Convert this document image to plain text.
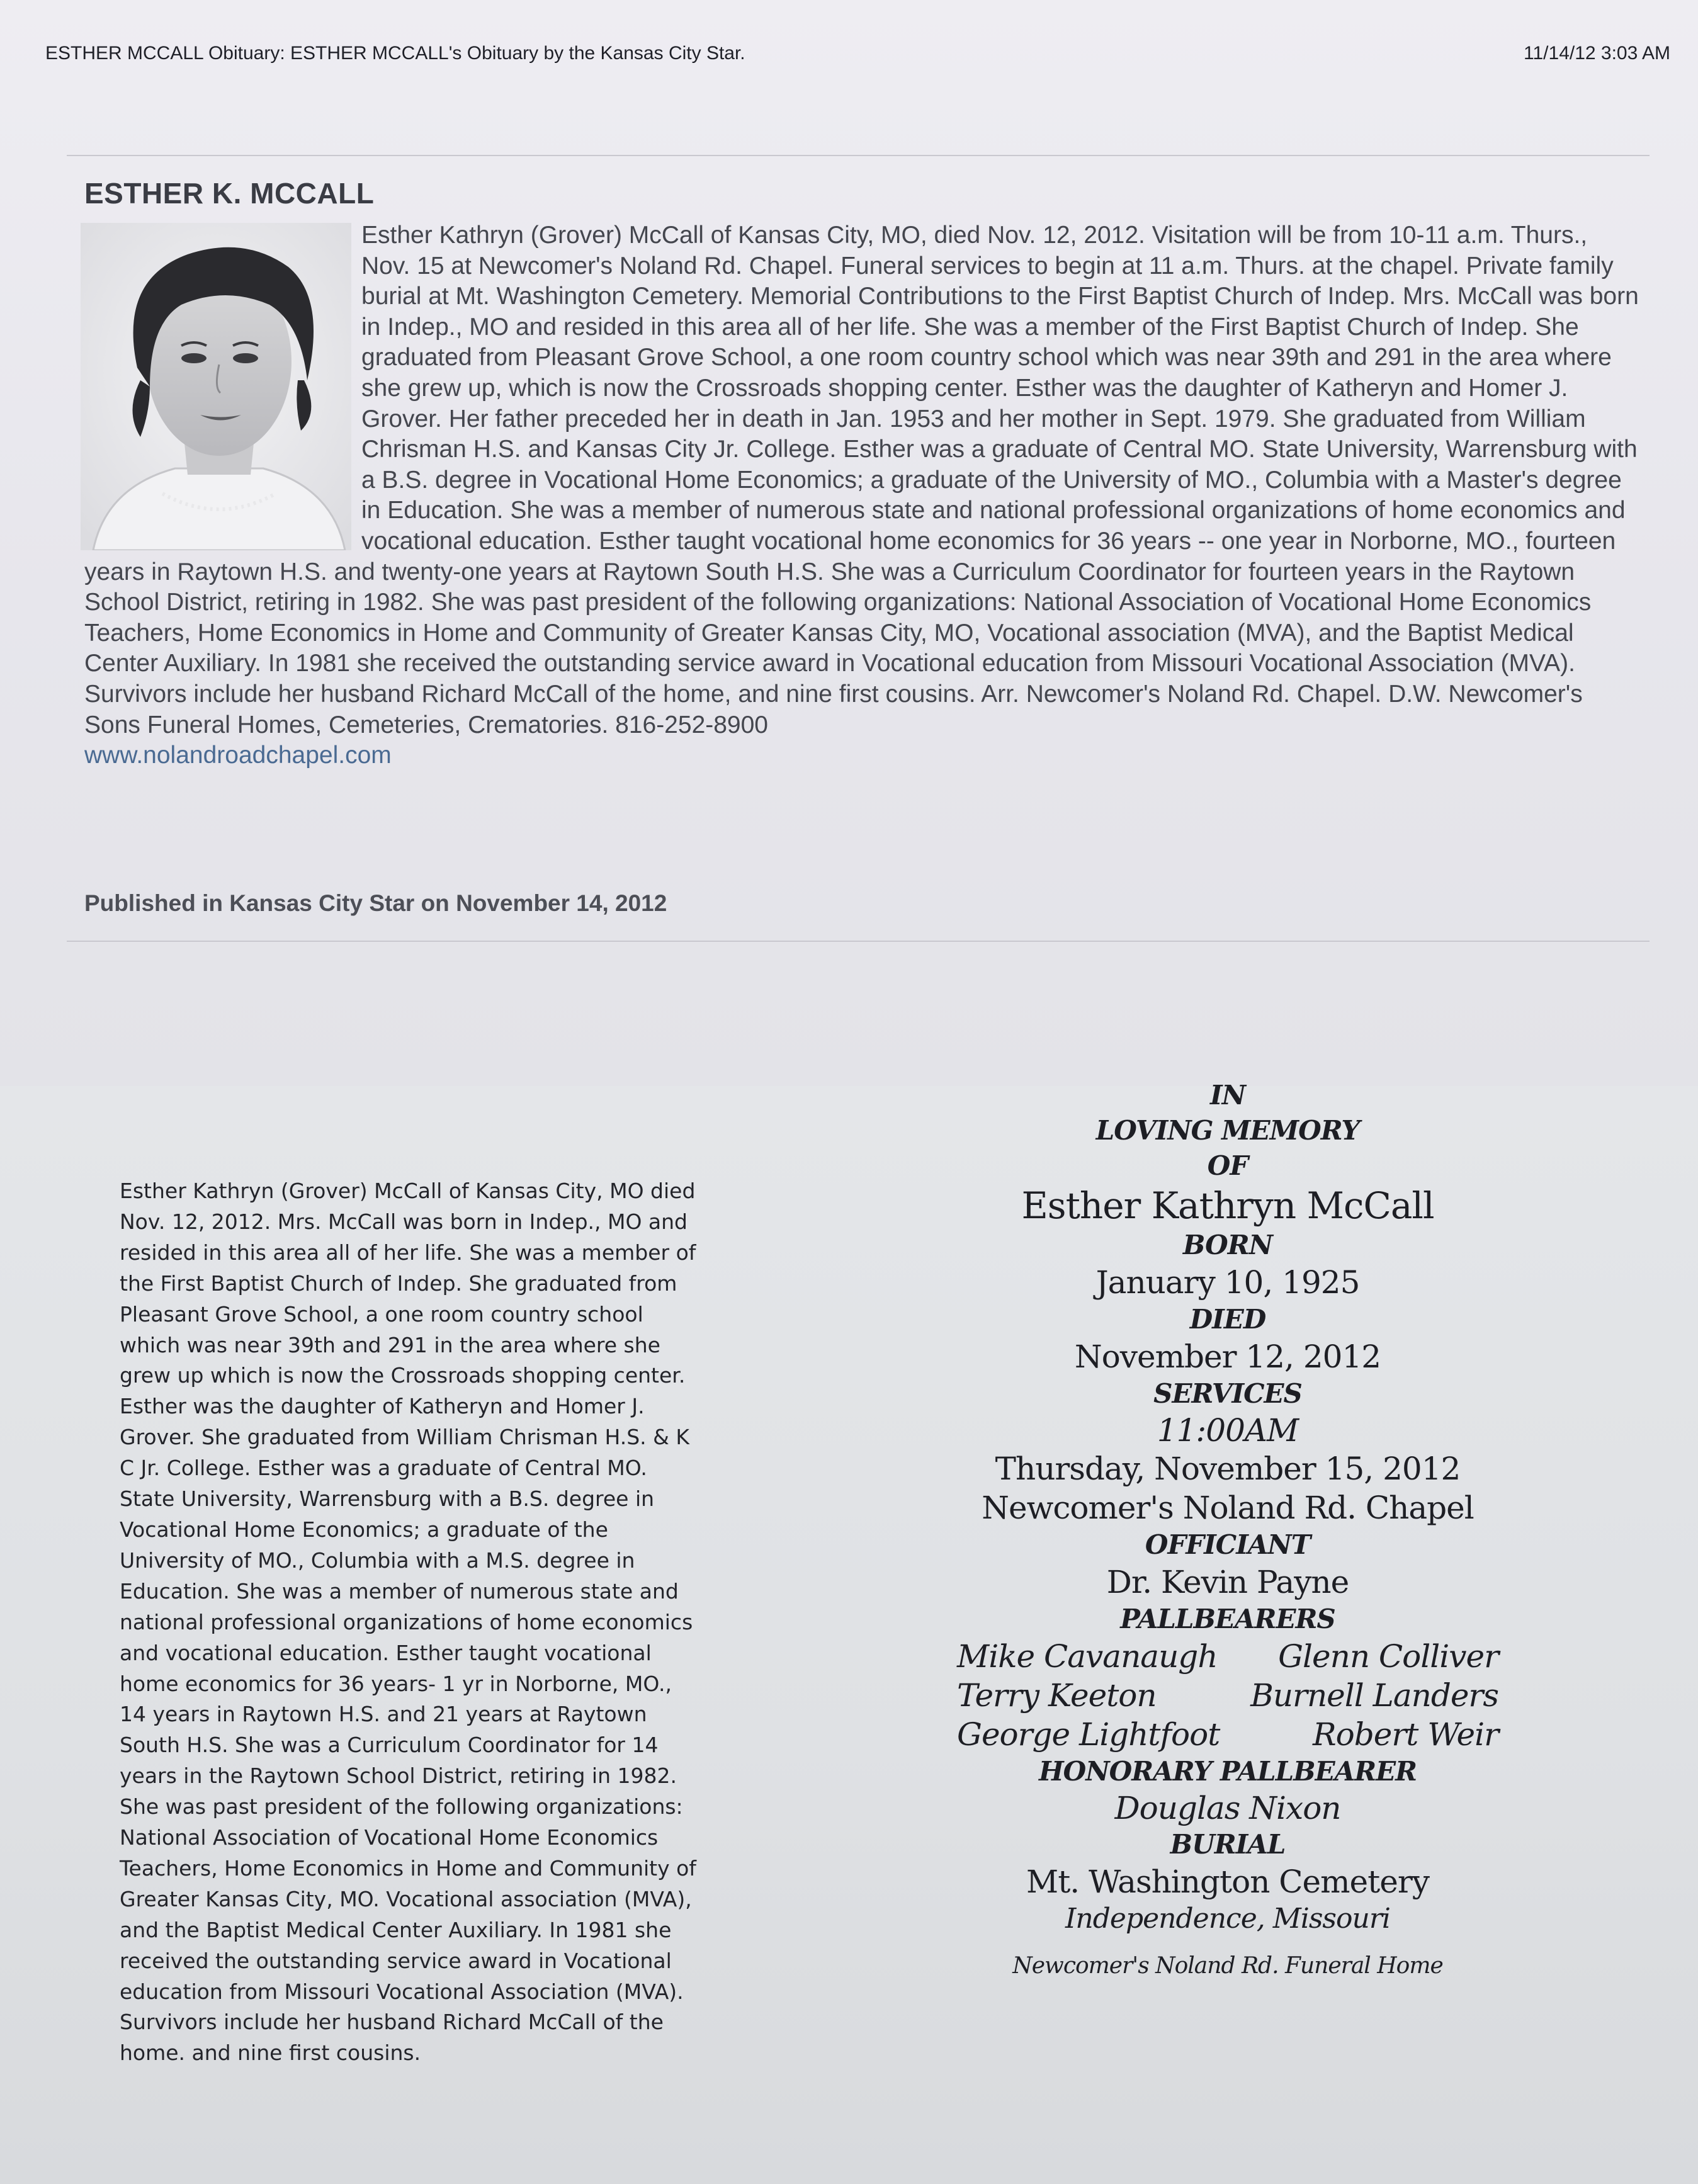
ESTHER MCCALL Obituary: ESTHER MCCALL's Obituary by the Kansas City Star.	11/14/12 3:03 AM
ESTHER K. MCCALL
Esther Kathryn (Grover) McCall of Kansas City, MO, died Nov. 12, 2012. Visitation will be from 10-11 a.m. Thurs., Nov. 15 at Newcomer's Noland Rd. Chapel. Funeral services to begin at 11 a.m. Thurs. at the chapel. Private family burial at Mt. Washington Cemetery. Memorial Contributions to the First Baptist Church of Indep. Mrs. McCall was born in Indep., MO and resided in this area all of her life. She was a member of the First Baptist Church of Indep. She graduated from Pleasant Grove School, a one room country school which was near 39th and 291 in the area where she grew up, which is now the Crossroads shopping center. Esther was the daughter of Katheryn and Homer J. Grover. Her father preceded her in death in Jan. 1953 and her mother in Sept. 1979. She graduated from William Chrisman H.S. and Kansas City Jr. College. Esther was a graduate of Central MO. State University, Warrensburg with a B.S. degree in Vocational Home Economics; a graduate of the University of MO., Columbia with a Master's degree in Education. She was a member of numerous state and national professional organizations of home economics and vocational education. Esther taught vocational home economics for 36 years -- one year in Norborne, MO., fourteen years in Raytown H.S. and twenty-one years at Raytown South H.S. She was a Curriculum Coordinator for fourteen years in the Raytown School District, retiring in 1982. She was past president of the following organizations: National Association of Vocational Home Economics Teachers, Home Economics in Home and Community of Greater Kansas City, MO, Vocational association (MVA), and the Baptist Medical Center Auxiliary. In 1981 she received the outstanding service award in Vocational education from Missouri Vocational Association (MVA). Survivors include her husband Richard McCall of the home, and nine first cousins. Arr. Newcomer's Noland Rd. Chapel. D.W. Newcomer's Sons Funeral Homes, Cemeteries, Crematories. 816-252-8900
www.nolandroadchapel.com
Published in Kansas City Star on November 14, 2012

Esther Kathryn (Grover) McCall of Kansas City, MO died Nov. 12, 2012. Mrs. McCall was born in Indep., MO and resided in this area all of her life. She was a member of the First Baptist Church of Indep. She graduated from Pleasant Grove School, a one room country school which was near 39th and 291 in the area where she grew up which is now the Crossroads shopping center. Esther was the daughter of Katheryn and Homer J. Grover. She graduated from William Chrisman H.S. & K C Jr. College. Esther was a graduate of Central MO. State University, Warrensburg with a B.S. degree in Vocational Home Economics; a graduate of the University of MO., Columbia with a M.S. degree in Education. She was a member of numerous state and national professional organizations of home economics and vocational education. Esther taught vocational home economics for 36 years- 1 yr in Norborne, MO., 14 years in Raytown H.S. and 21 years at Raytown South H.S. She was a Curriculum Coordinator for 14 years in the Raytown School District, retiring in 1982. She was past president of the following organizations: National Association of Vocational Home Economics Teachers, Home Economics in Home and Community of Greater Kansas City, MO. Vocational association (MVA), and the Baptist Medical Center Auxiliary. In 1981 she received the outstanding service award in Vocational education from Missouri Vocational Association (MVA). Survivors include her husband Richard McCall of the home. and nine first cousins.

IN

LOVING MEMORY

OF

Esther Kathryn McCall

BORN

January 10, 1925

DIED

November 12, 2012

SERVICES

11:00AM

Thursday, November 15, 2012

Newcomer's Noland Rd. Chapel

OFFICIANT

Dr. Kevin Payne

PALLBEARERS

Mike Cavanaugh	Glenn Colliver
Terry Keeton	Burnell Landers
George Lightfoot	Robert Weir

HONORARY PALLBEARER

Douglas Nixon

BURIAL

Mt. Washington Cemetery

Independence, Missouri

Newcomer's Noland Rd. Funeral Home
